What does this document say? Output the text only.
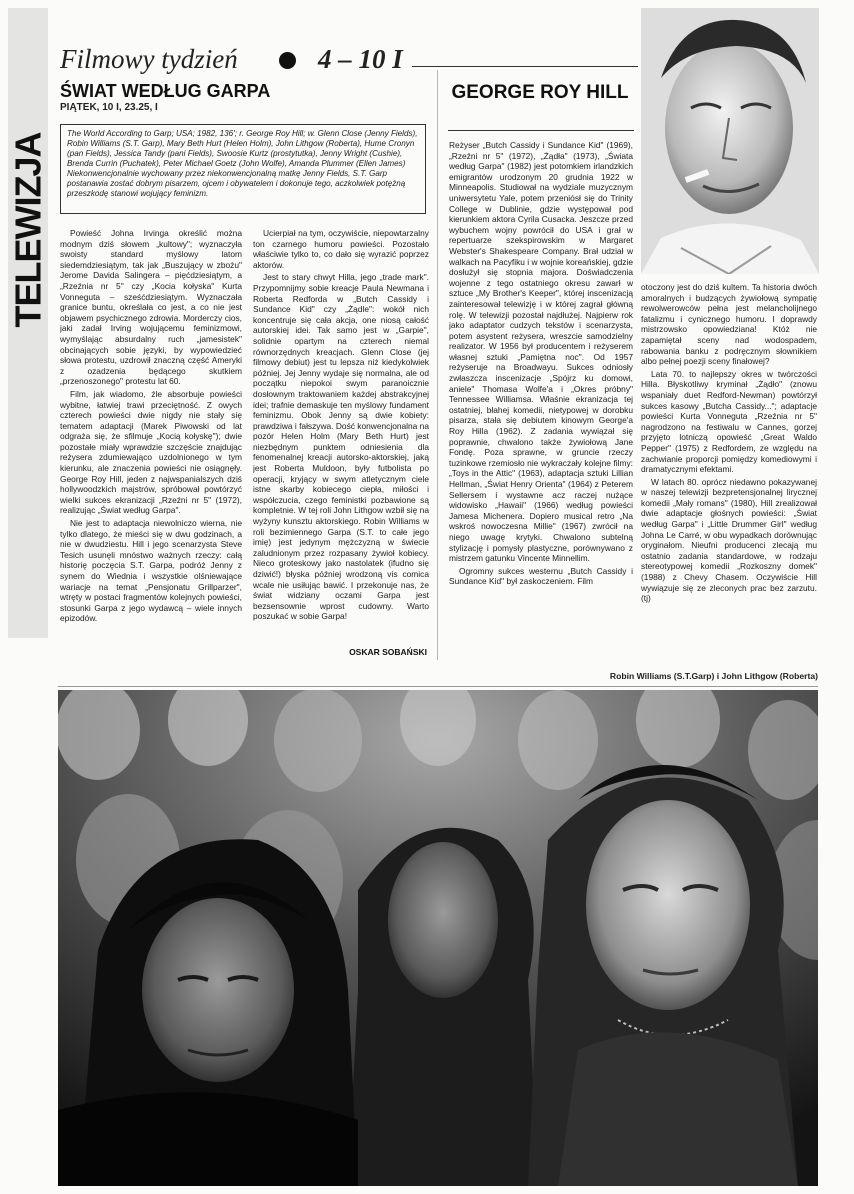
TELEWIZJA
Filmowy tydzień	4 – 10 I
ŚWIAT WEDŁUG GARPA
PIĄTEK, 10 I, 23.25, I

The World According to Garp; USA; 1982, 136'; r. George Roy Hill; w. Glenn Close (Jenny Fields), Robin Williams (S.T. Garp), Mary Beth Hurt (Helen Holm), John Lithgow (Roberta), Hume Cronyn (pan Fields), Jessica Tandy (pani Fields), Swoosie Kurtz (prostytutka), Jenny Wright (Cushie), Brenda Currin (Puchatek), Peter Michael Goetz (John Wolfe), Amanda Plummer (Ellen James)

Niekonwencjonalnie wychowany przez niekonwencjonalną matkę Jenny Fields, S.T. Garp postanawia zostać dobrym pisarzem, ojcem i obywatelem i dokonuje tego, aczkolwiek potężną przeszkodę stanowi wojujący feminizm.

Powieść Johna Irvinga określić można modnym dziś słowem „kultowy"; wyznaczyła swoisty standard myślowy latom siedemdziesiątym, tak jak „Buszujący w zbożu" Jerome Davida Salingera – pięćdziesiątym, a „Rzeźnia nr 5" czy „Kocia kołyska" Kurta Vonneguta – sześćdziesiątym. Wyznaczała granice buntu, określała co jest, a co nie jest objawem psychicznego zdrowia. Morderczy cios, jaki zadał Irving wojującemu feminizmowi, wymyślając absurdalny ruch „jamesistek" obcinających sobie języki, by wypowiedzieć słowa protestu, uzdrowił znaczną część Ameryki z ozadzenia będącego skutkiem „przenoszonego" protestu lat 60.

Film, jak wiadomo, źle absorbuje powieści wybitne, łatwiej trawi przeciętność. Z owych czterech powieści dwie nigdy nie stały się tematem adaptacji (Marek Piwowski od lat odgraża się, że sfilmuje „Kocią kołyskę"); dwie pozostałe miały wprawdzie szczęście znajdując reżysera zdumiewająco uzdolnionego w tym kierunku, ale znaczenia powieści nie osiągnęły. George Roy Hill, jeden z najwspanialszych dziś hollywoodzkich majstrów, spróbował powtórzyć wielki sukces ekranizacji „Rzeźni nr 5" (1972), realizując „Świat według Garpa".

Nie jest to adaptacja niewolniczo wierna, nie tylko dlatego, że mieści się w dwu godzinach, a nie w dwudziestu. Hill i jego scenarzysta Steve Tesich usunęli mnóstwo ważnych rzeczy: całą historię poczęcia S.T. Garpa, podróż Jenny z synem do Wiednia i wszystkie olśniewające wariacje na temat „Pensjonatu Grillparzer", wtręty w postaci fragmentów kolejnych powieści, stosunki Garpa z jego wydawcą – wiele innych epizodów.

Ucierpiał na tym, oczywiście, niepowtarzalny ton czarnego humoru powieści. Pozostało właściwie tylko to, co dało się wyrazić poprzez aktorów.

Jest to stary chwyt Hilla, jego „trade mark". Przypomnijmy sobie kreacje Paula Newmana i Roberta Redforda w „Butch Cassidy i Sundance Kid" czy „Żądle": wokół nich koncentruje się cała akcja, one niosą całość autorskiej idei. Tak samo jest w „Garpie", solidnie opartym na czterech niemal równorzędnych kreacjach. Glenn Close (jej filmowy debiut) jest tu lepsza niż kiedykolwiek później. Jej Jenny wydaje się normalna, ale od początku niepokoi swym paranoicznie dosłownym traktowaniem każdej abstrakcyjnej idei; trafnie demaskuje ten myślowy fundament feminizmu. Obok Jenny są dwie kobiety: prawdziwa i fałszywa. Dość konwencjonalna na pozór Helen Holm (Mary Beth Hurt) jest niezbędnym punktem odniesienia dla fenomenalnej kreacji autorsko-aktorskiej, jaką jest Roberta Muldoon, były futbolista po operacji, kryjący w swym atletycznym ciele istne skarby kobiecego ciepła, miłości i współczucia, czego feministki pozbawione są kompletnie. W tej roli John Lithgow wzbił się na wyżyny kunsztu aktorskiego. Robin Williams w roli bezimiennego Garpa (S.T. to całe jego imię) jest jedynym mężczyzną w świecie zaludnionym przez rozpasany żywioł kobiecy. Nieco groteskowy jako nastolatek (ifudno się dziwić!) błyska później wrodzoną vis comica wcale nie usiłując bawić. I przekonuje nas, że świat widziany oczami Garpa jest bezsensownie wprost cudowny. Warto poszukać w sobie Garpa!

OSKAR SOBAŃSKI
GEORGE ROY HILL

Reżyser „Butch Cassidy i Sundance Kid" (1969), „Rzeźni nr 5" (1972), „Żądła" (1973), „Świata według Garpa" (1982) jest potomkiem irlandzkich emigrantów urodzonym 20 grudnia 1922 w Minneapolis. Studiował na wydziale muzycznym uniwersytetu Yale, potem przeniósł się do Trinity College w Dublinie, gdzie występował pod kierunkiem aktora Cyrila Cusacka. Jeszcze przed wybuchem wojny powrócił do USA i grał w repertuarze szekspirowskim w Margaret Webster's Shakespeare Company. Brał udział w walkach na Pacyfiku i w wojnie koreańskiej, gdzie dosłużył się stopnia majora. Doświadczenia wojenne z tego ostatniego okresu zawarł w sztuce „My Brother's Keeper", której inscenizacją zainteresował telewizję i w której zagrał główną rolę. W telewizji pozostał najdłużej. Najpierw rok jako adaptator cudzych tekstów i scenarzysta, potem asystent reżysera, wreszcie samodzielny realizator. W 1956 był producentem i reżyserem własnej sztuki „Pamiętna noc". Od 1957 reżyseruje na Broadwayu. Sukces odniosły zwłaszcza inscenizacje „Spójrz ku domowi, aniele" Thomasa Wolfe'a i „Okres próbny" Tennessee Williamsa. Właśnie ekranizacja tej ostatniej, błahej komedii, nietypowej w dorobku pisarza, stała się debiutem kinowym George'a Roy Hilla (1962). Z zadania wywiązał się poprawnie, chwalono także żywiołową Jane Fondę. Poza sprawne, w gruncie rzeczy tuzinkowe rzemiosło nie wykraczały kolejne filmy: „Toys in the Attic" (1963), adaptacja sztuki Lillian Hellman, „Świat Henry Orienta" (1964) z Peterem Sellersem i wystawne acz raczej nużące widowisko „Hawaii" (1966) według powieści Jamesa Michenera. Dopiero musical retro „Na wskroś nowoczesna Millie" (1967) zwrócił na niego uwagę krytyki. Chwalono subtelną stylizację i pomysły plastyczne, porównywano z mistrzem gatunku Vincente Minnellim.

Ogromny sukces westernu „Butch Cassidy i Sundance Kid" był zaskoczeniem. Film

otoczony jest do dziś kultem. Ta historia dwóch amoralnych i budzących żywiołową sympatię rewolwerowców pełna jest melancholijnego fatalizmu i cynicznego humoru. I doprawdy mistrzowsko opowiedziana! Któż nie zapamiętał sceny nad wodospadem, rabowania banku z podręcznym słownikiem albo pełnej poezji sceny finałowej?

Lata 70. to najlepszy okres w twórczości Hilla. Błyskotliwy kryminał „Żądło" (znowu wspaniały duet Redford-Newman) powtórzył sukces kasowy „Butcha Cassidy..."; adaptacje powieści Kurta Vonneguta „Rzeźnia nr 5" nagrodzono na festiwalu w Cannes, gorzej przyjęto lotniczą opowieść „Great Waldo Pepper" (1975) z Redfordem, ze względu na zachwianie proporcji pomiędzy komediowymi i dramatycznymi efektami.

W latach 80. oprócz niedawno pokazywanej w naszej telewizji bezpretensjonalnej lirycznej komedii „Mały romans" (1980), Hill zrealizował dwie adaptacje głośnych powieści: „Świat według Garpa" i „Little Drummer Girl" według Johna Le Carré, w obu wypadkach dorównując oryginałom. Nieufni producenci zlecają mu ostatnio zadania standardowe, w rodzaju stereotypowej komedii „Rozkoszny domek" (1988) z Chevy Chasem. Oczywiście Hill wywiązuje się ze zleconych prac bez zarzutu. (tj)

Robin Williams (S.T.Garp) i John Lithgow (Roberta)
